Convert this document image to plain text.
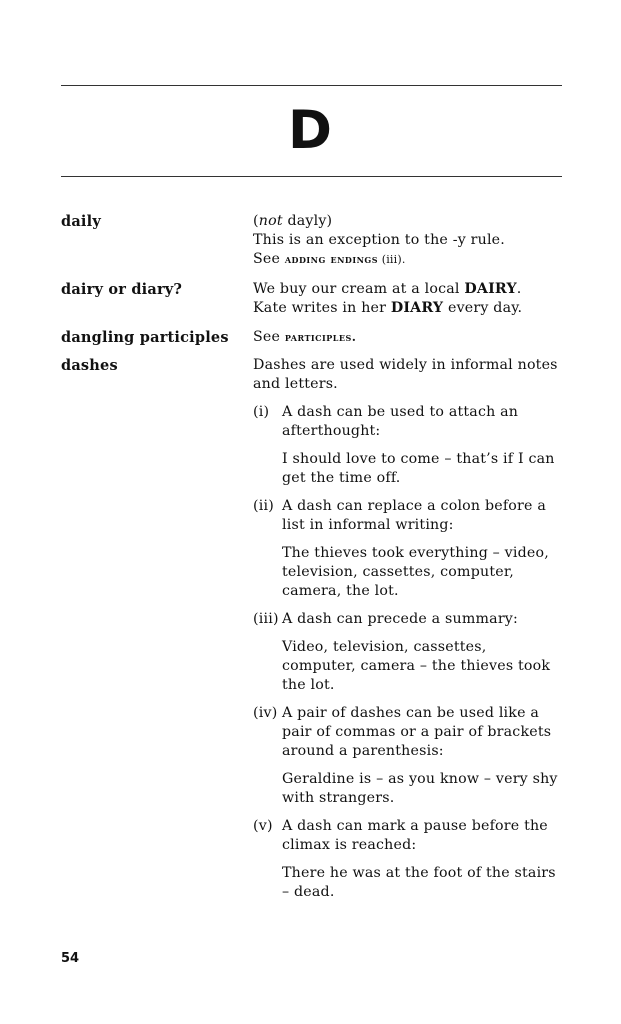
D
daily	(not dayly)
This is an exception to the -y rule.
See adding endings (iii).
dairy or diary?	We buy our cream at a local DAIRY.
Kate writes in her DIARY every day.
dangling participles	See participles.
dashes	Dashes are used widely in informal notes and letters.
(i) A dash can be used to attach an afterthought:
I should love to come – that’s if I can get the time off.
(ii) A dash can replace a colon before a list in informal writing:
The thieves took everything – video, television, cassettes, computer, camera, the lot.
(iii) A dash can precede a summary:
Video, television, cassettes, computer, camera – the thieves took the lot.
(iv) A pair of dashes can be used like a pair of commas or a pair of brackets around a parenthesis:
Geraldine is – as you know – very shy with strangers.
(v) A dash can mark a pause before the climax is reached:
There he was at the foot of the stairs – dead.
54
